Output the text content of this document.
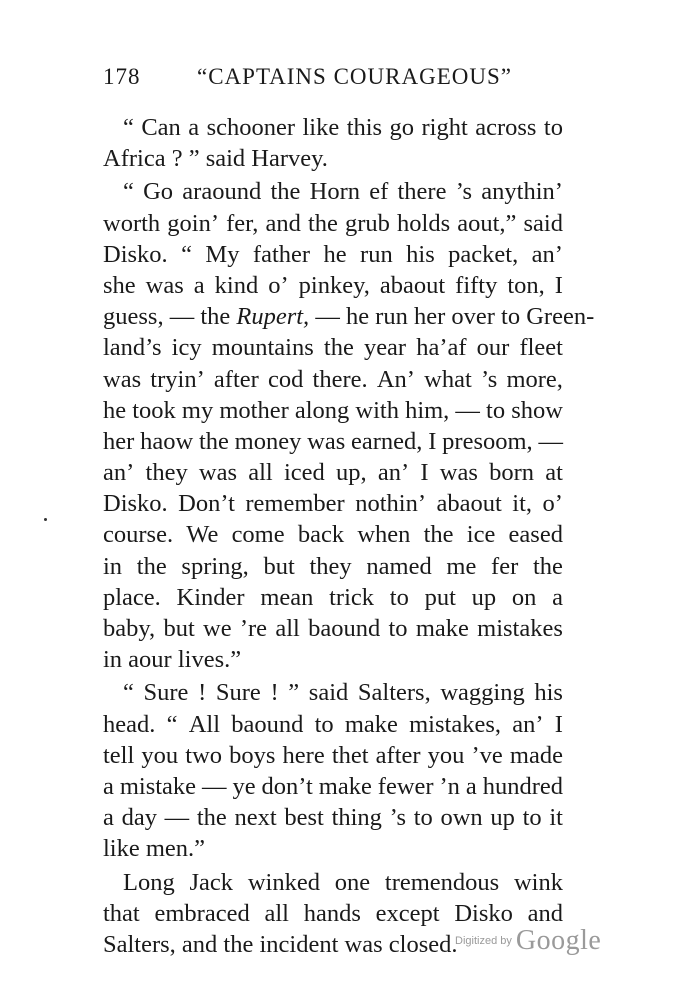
178 “CAPTAINS COURAGEOUS”
“ Can a schooner like this go right across to
Africa ? ” said Harvey.
“ Go araound the Horn ef there ’s anythin’
worth goin’ fer, and the grub holds aout,” said
Disko. “ My father he run his packet, an’
she was a kind o’ pinkey, abaout fifty ton, I
guess, — the Rupert, — he run her over to Green-
land’s icy mountains the year ha’af our fleet
was tryin’ after cod there. An’ what ’s more,
he took my mother along with him, — to show
her haow the money was earned, I presoom, —
an’ they was all iced up, an’ I was born at
Disko. Don’t remember nothin’ abaout it, o’
course. We come back when the ice eased
in the spring, but they named me fer the
place. Kinder mean trick to put up on a
baby, but we ’re all baound to make mistakes
in aour lives.”
“ Sure ! Sure ! ” said Salters, wagging his
head. “ All baound to make mistakes, an’ I
tell you two boys here thet after you ’ve made
a mistake — ye don’t make fewer ’n a hundred
a day — the next best thing ’s to own up to it
like men.”
Long Jack winked one tremendous wink
that embraced all hands except Disko and
Salters, and the incident was closed.
Digitized by Google
